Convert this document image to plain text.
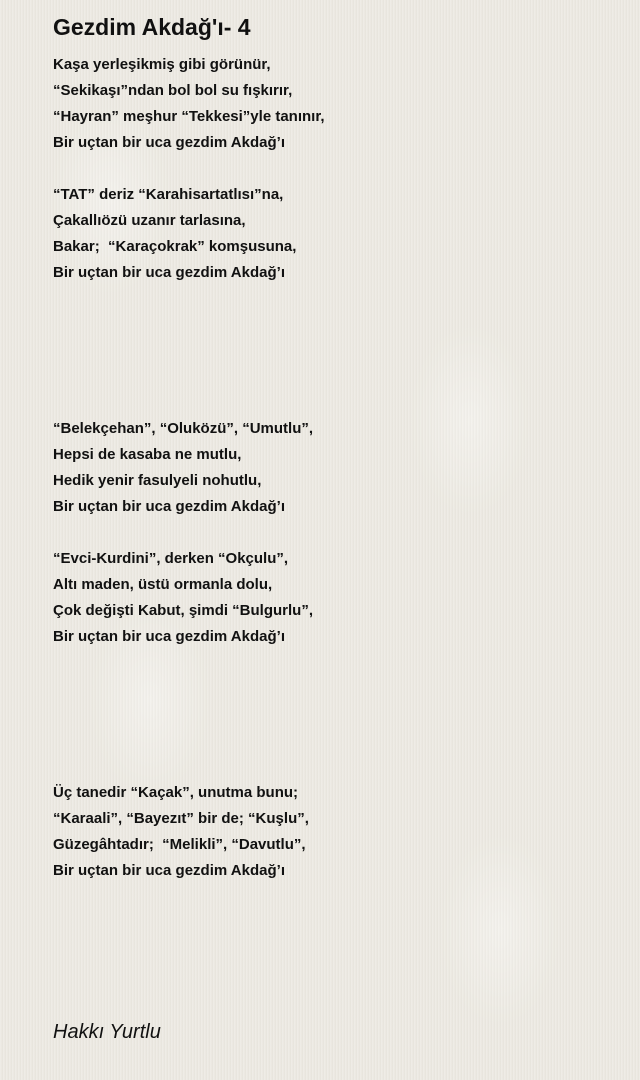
Gezdim Akdağ'ı- 4
Kaşa yerleşikmiş gibi görünür,
“Sekikaşı”ndan bol bol su fışkırır,
“Hayran” meşhur “Tekkesi”yle tanınır,
Bir uçtan bir uca gezdim Akdağ’ı
“TAT” deriz “Karahisartatlısı”na,
Çakallıözü uzanır tarlasına,
Bakar;  “Karaçokrak” komşusuna,
Bir uçtan bir uca gezdim Akdağ’ı
“Belekçehan”, “Oluközü”, “Umutlu”,
Hepsi de kasaba ne mutlu,
Hedik yenir fasulyeli nohutlu,
Bir uçtan bir uca gezdim Akdağ’ı
“Evci-Kurdini”, derken “Okçulu”,
Altı maden, üstü ormanla dolu,
Çok değişti Kabut, şimdi “Bulgurlu”,
Bir uçtan bir uca gezdim Akdağ’ı
Üç tanedir “Kaçak”, unutma bunu;
“Karaali”, “Bayezıt” bir de; “Kuşlu”,
Güzegâhtadır;  “Melikli”, “Davutlu”,
Bir uçtan bir uca gezdim Akdağ’ı
Hakkı Yurtlu
